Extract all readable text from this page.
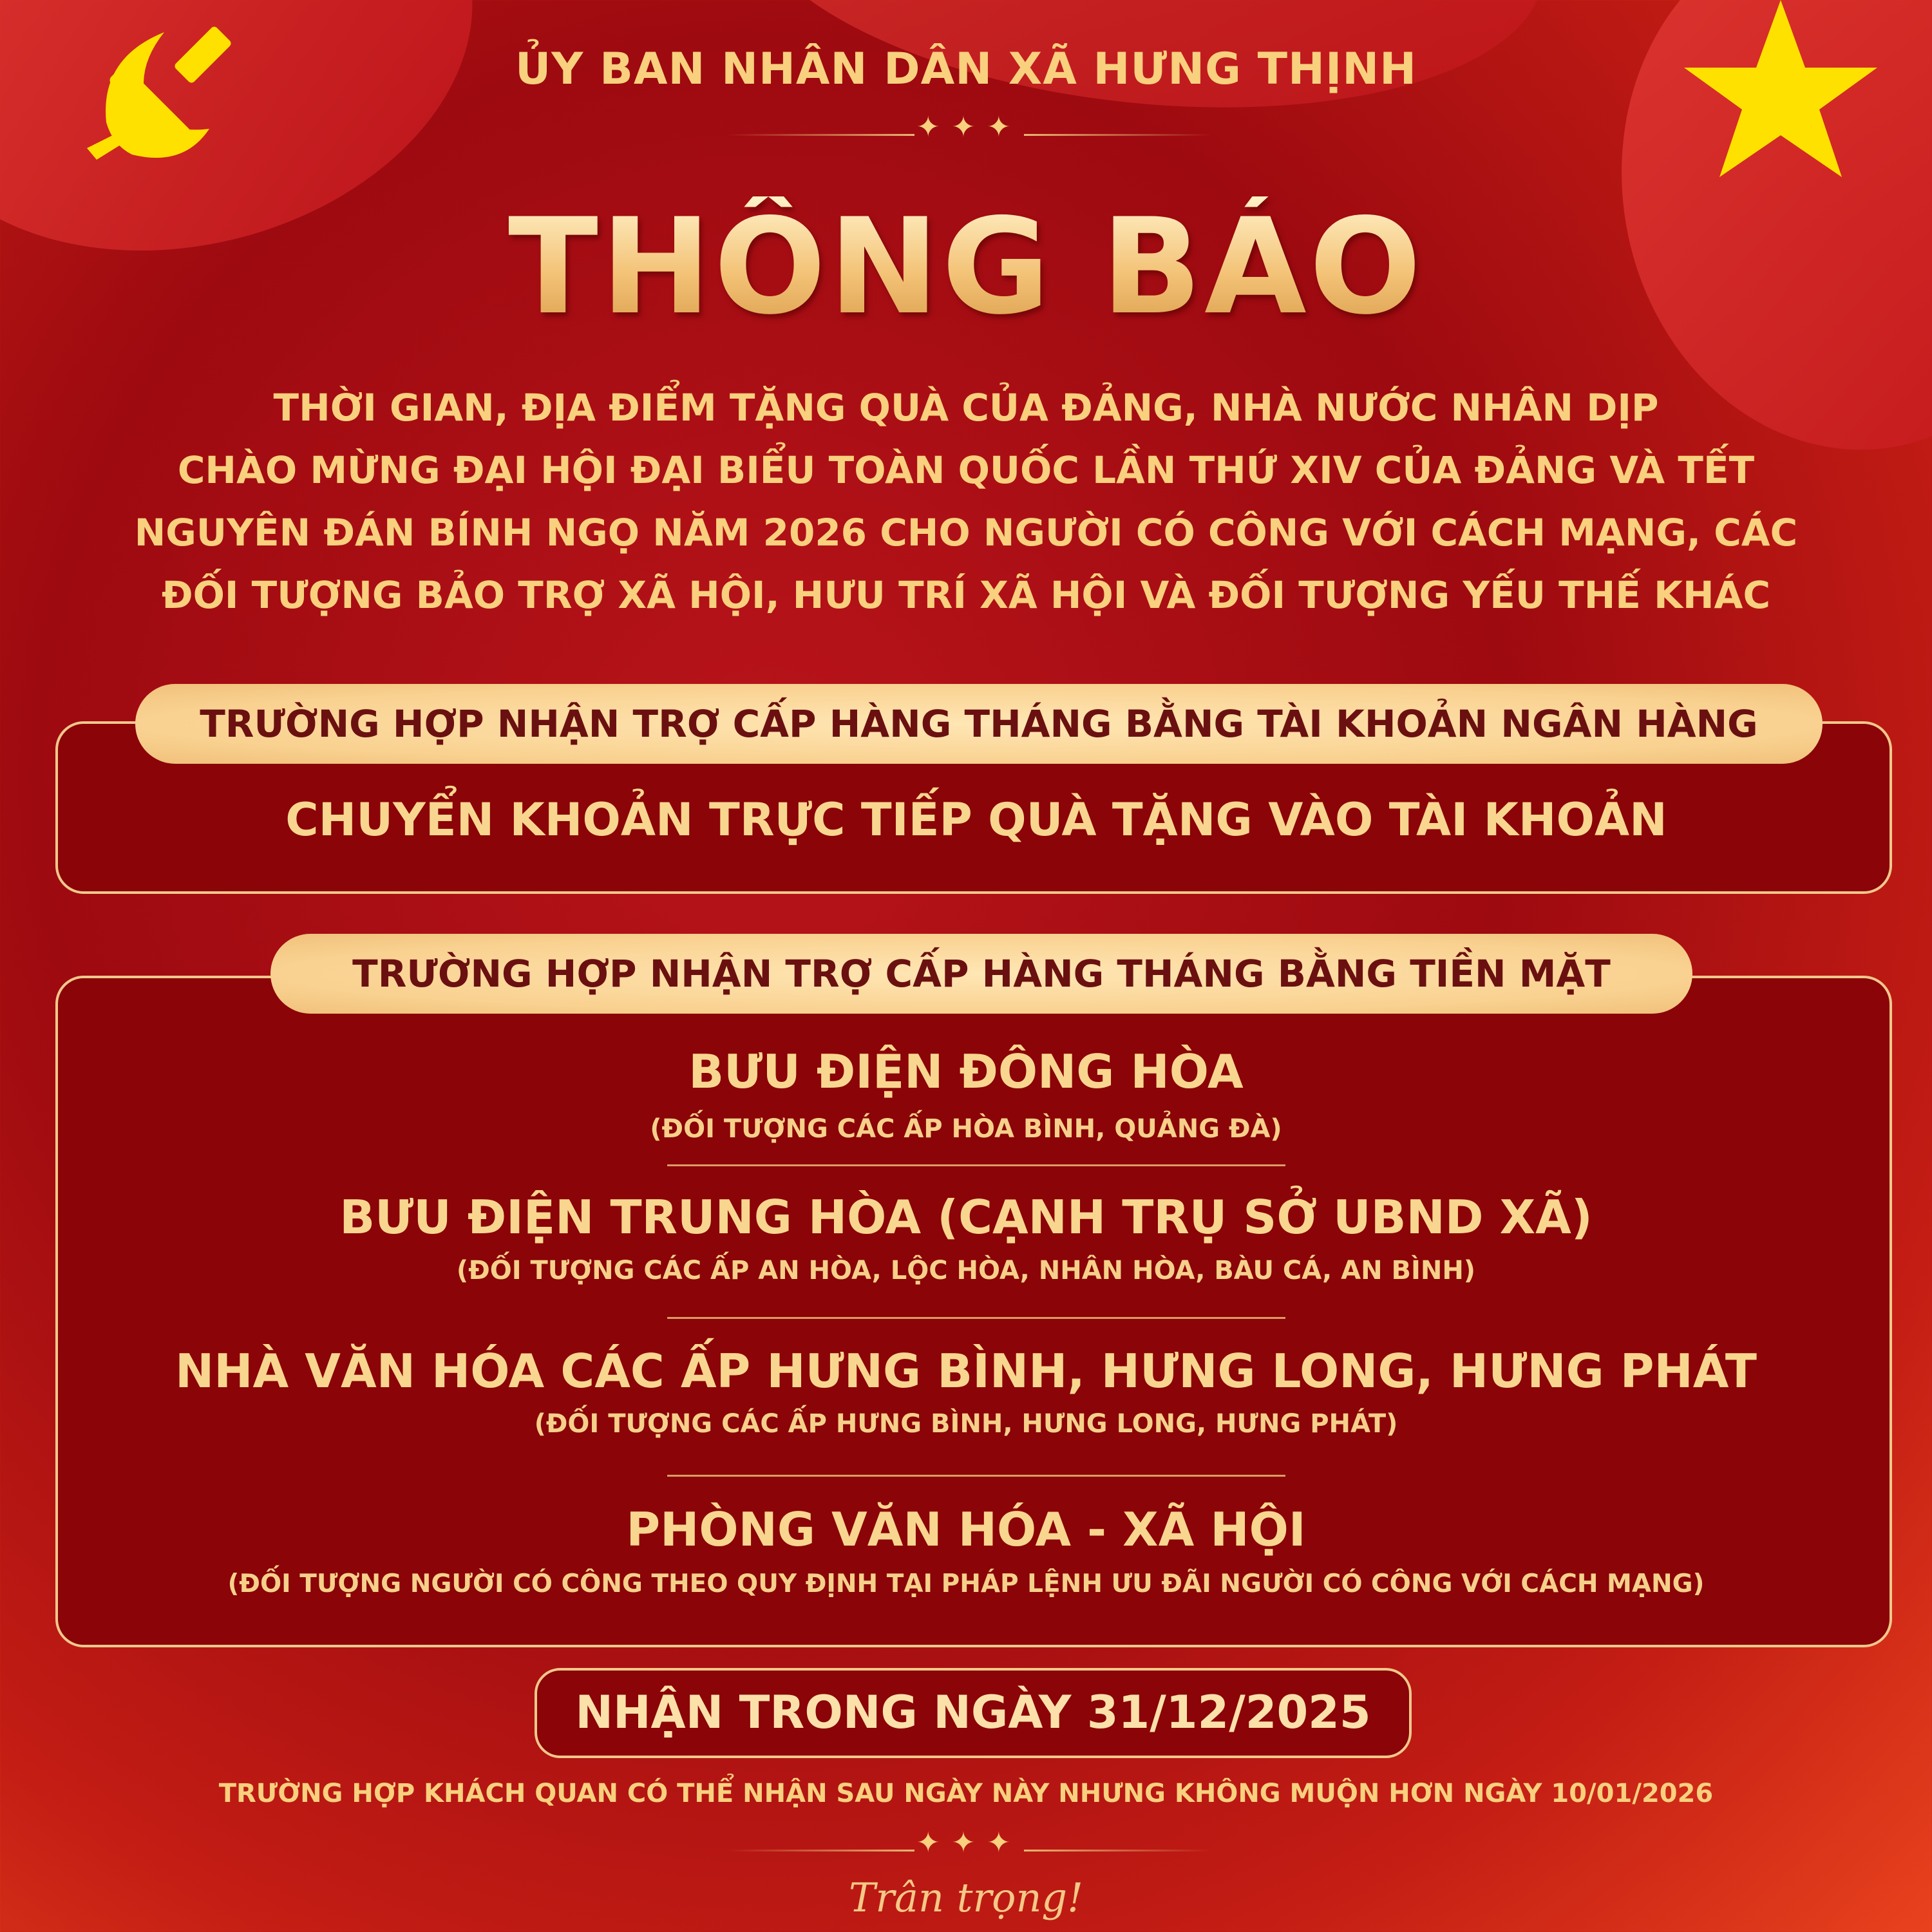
ỦY BAN NHÂN DÂN XÃ HƯNG THỊNH
✦✦✦
THÔNG BÁO
THỜI GIAN, ĐỊA ĐIỂM TẶNG QUÀ CỦA ĐẢNG, NHÀ NƯỚC NHÂN DỊP
CHÀO MỪNG ĐẠI HỘI ĐẠI BIỂU TOÀN QUỐC LẦN THỨ XIV CỦA ĐẢNG VÀ TẾT
NGUYÊN ĐÁN BÍNH NGỌ NĂM 2026 CHO NGƯỜI CÓ CÔNG VỚI CÁCH MẠNG, CÁC
ĐỐI TƯỢNG BẢO TRỢ XÃ HỘI, HƯU TRÍ XÃ HỘI VÀ ĐỐI TƯỢNG YẾU THẾ KHÁC
CHUYỂN KHOẢN TRỰC TIẾP QUÀ TẶNG VÀO TÀI KHOẢN
TRƯỜNG HỢP NHẬN TRỢ CẤP HÀNG THÁNG BẰNG TÀI KHOẢN NGÂN HÀNG
TRƯỜNG HỢP NHẬN TRỢ CẤP HÀNG THÁNG BẰNG TIỀN MẶT
BƯU ĐIỆN ĐÔNG HÒA
(ĐỐI TƯỢNG CÁC ẤP HÒA BÌNH, QUẢNG ĐÀ)
BƯU ĐIỆN TRUNG HÒA (CẠNH TRỤ SỞ UBND XÃ)
(ĐỐI TƯỢNG CÁC ẤP AN HÒA, LỘC HÒA, NHÂN HÒA, BÀU CÁ, AN BÌNH)
NHÀ VĂN HÓA CÁC ẤP HƯNG BÌNH, HƯNG LONG, HƯNG PHÁT
(ĐỐI TƯỢNG CÁC ẤP HƯNG BÌNH, HƯNG LONG, HƯNG PHÁT)
PHÒNG VĂN HÓA - XÃ HỘI
(ĐỐI TƯỢNG NGƯỜI CÓ CÔNG THEO QUY ĐỊNH TẠI PHÁP LỆNH ƯU ĐÃI NGƯỜI CÓ CÔNG VỚI CÁCH MẠNG)
NHẬN TRONG NGÀY 31/12/2025
TRƯỜNG HỢP KHÁCH QUAN CÓ THỂ NHẬN SAU NGÀY NÀY NHƯNG KHÔNG MUỘN HƠN NGÀY 10/01/2026
✦✦✦
Trân trọng!
